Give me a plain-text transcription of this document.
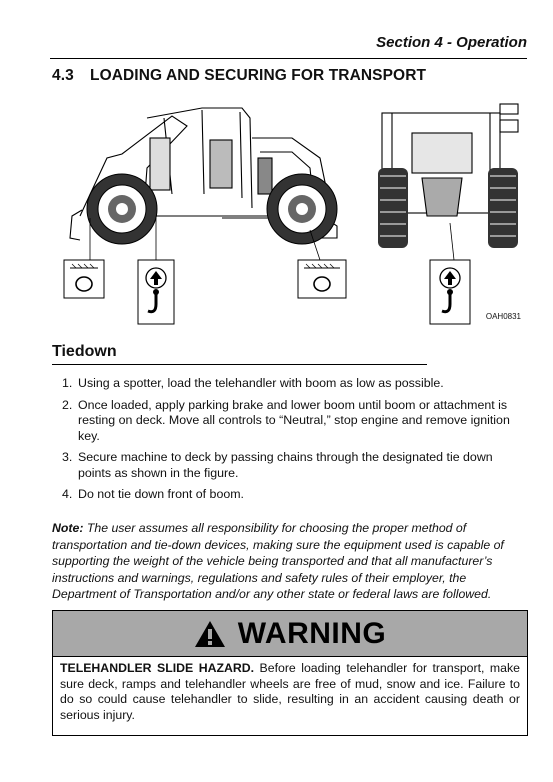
Section 4 - Operation
4.3 LOADING AND SECURING FOR TRANSPORT
OAH0831
Tiedown
1. Using a spotter, load the telehandler with boom as low as possible.
2. Once loaded, apply parking brake and lower boom until boom or attachment is resting on deck. Move all controls to “Neutral,” stop engine and remove ignition key.
3. Secure machine to deck by passing chains through the designated tie down points as shown in the figure.
4. Do not tie down front of boom.
Note: The user assumes all responsibility for choosing the proper method of transportation and tie-down devices, making sure the equipment used is capable of supporting the weight of the vehicle being transported and that all manufacturer’s instructions and warnings, regulations and safety rules of their employer, the Department of Transportation and/or any other state or federal laws are followed.
WARNING
TELEHANDLER SLIDE HAZARD. Before loading telehandler for transport, make sure deck, ramps and telehandler wheels are free of mud, snow and ice. Failure to do so could cause telehandler to slide, resulting in an accident causing death or serious injury.
